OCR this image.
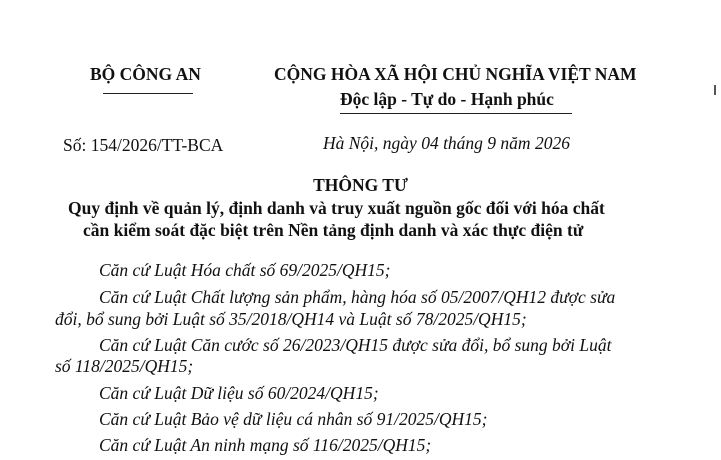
BỘ CÔNG AN	CỘNG HÒA XÃ HỘI CHỦ NGHĨA VIỆT NAM
Độc lập - Tự do - Hạnh phúc
Số: 154/2026/TT-BCA	Hà Nội, ngày 04 tháng 9 năm 2026
THÔNG TƯ
Quy định về quản lý, định danh và truy xuất nguồn gốc đối với hóa chất
cần kiểm soát đặc biệt trên Nền tảng định danh và xác thực điện tử
Căn cứ Luật Hóa chất số 69/2025/QH15;
Căn cứ Luật Chất lượng sản phẩm, hàng hóa số 05/2007/QH12 được sửa
đổi, bổ sung bởi Luật số 35/2018/QH14 và Luật số 78/2025/QH15;
Căn cứ Luật Căn cước số 26/2023/QH15 được sửa đổi, bổ sung bởi Luật
số 118/2025/QH15;
Căn cứ Luật Dữ liệu số 60/2024/QH15;
Căn cứ Luật Bảo vệ dữ liệu cá nhân số 91/2025/QH15;
Căn cứ Luật An ninh mạng số 116/2025/QH15;
